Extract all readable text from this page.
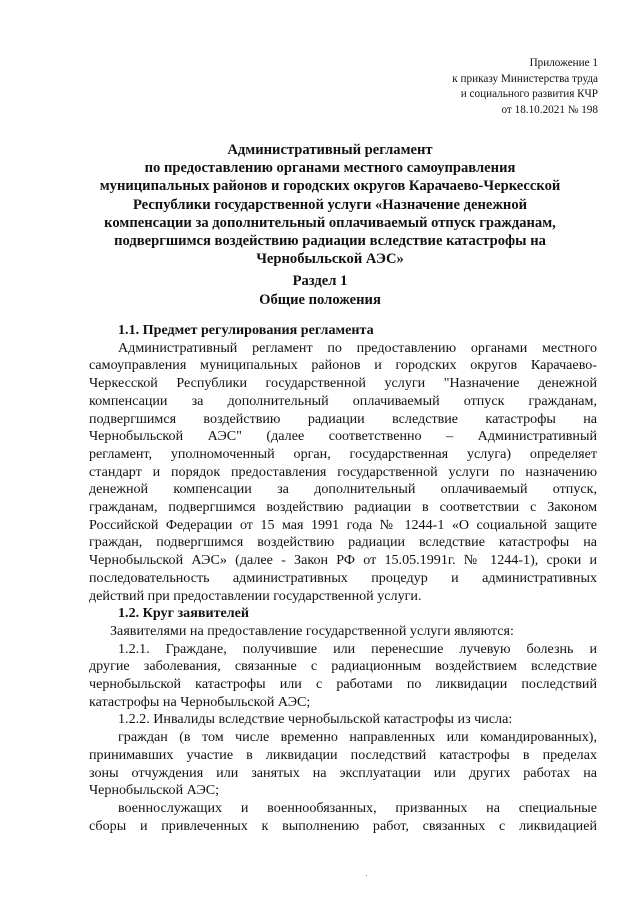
Приложение 1
к приказу Министерства труда
и социального развития КЧР
от 18.10.2021 № 198
Административный регламент
по предоставлению органами местного самоуправления
муниципальных районов и городских округов Карачаево-Черкесской
Республики государственной услуги «Назначение денежной
компенсации за дополнительный оплачиваемый отпуск гражданам,
подвергшимся воздействию радиации вследствие катастрофы на
Чернобыльской АЭС»
Раздел 1
Общие положения

1.1. Предмет регулирования регламента

Административный регламент по предоставлению органами местного

самоуправления муниципальных районов и городских округов Карачаево-

Черкесской Республики государственной услуги "Назначение денежной

компенсации за дополнительный оплачиваемый отпуск гражданам,

подвергшимся воздействию радиации вследствие катастрофы на

Чернобыльской АЭС" (далее соответственно – Административный

регламент, уполномоченный орган, государственная услуга) определяет

стандарт и порядок предоставления государственной услуги по назначению

денежной компенсации за дополнительный оплачиваемый отпуск,

гражданам, подвергшимся воздействию радиации в соответствии с Законом

Российской Федерации от 15 мая 1991 года № 1244-1 «О социальной защите

граждан, подвергшимся воздействию радиации вследствие катастрофы на

Чернобыльской АЭС» (далее - Закон РФ от 15.05.1991г. № 1244-1), сроки и

последовательность административных процедур и административных

действий при предоставлении государственной услуги.

1.2. Круг заявителей

Заявителями на предоставление государственной услуги являются:

1.2.1. Граждане, получившие или перенесшие лучевую болезнь и

другие заболевания, связанные с радиационным воздействием вследствие

чернобыльской катастрофы или с работами по ликвидации последствий

катастрофы на Чернобыльской АЭС;

1.2.2. Инвалиды вследствие чернобыльской катастрофы из числа:

граждан (в том числе временно направленных или командированных),

принимавших участие в ликвидации последствий катастрофы в пределах

зоны отчуждения или занятых на эксплуатации или других работах на

Чернобыльской АЭС;

военнослужащих и военнообязанных, призванных на специальные

сборы и привлеченных к выполнению работ, связанных с ликвидацией
